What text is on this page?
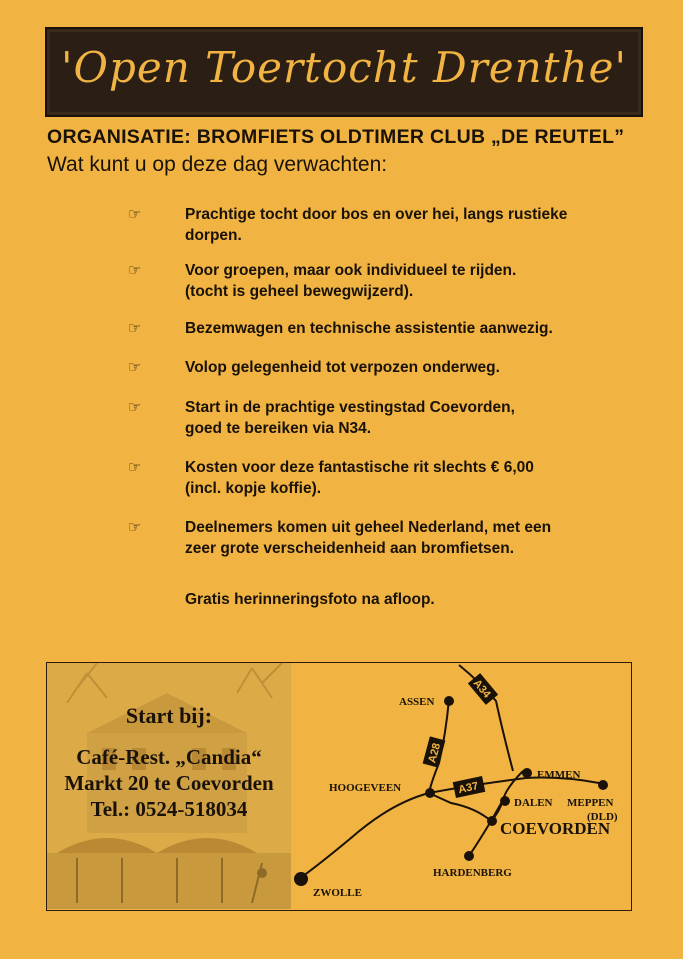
'Open Toertocht Drenthe'
ORGANISATIE: BROMFIETS OLDTIMER CLUB „DE REUTEL”
Wat kunt u op deze dag verwachten:
☞	Prachtige tocht door bos en over hei, langs rustieke
dorpen.
☞	Voor groepen, maar ook individueel te rijden.
(tocht is geheel bewegwijzerd).
☞	Bezemwagen en technische assistentie aanwezig.
☞	Volop gelegenheid tot verpozen onderweg.
☞	Start in de prachtige vestingstad Coevorden,
goed te bereiken via N34.
☞	Kosten voor deze fantastische rit slechts € 6,00
(incl. kopje koffie).
☞	Deelnemers komen uit geheel Nederland, met een
zeer grote verscheidenheid aan bromfietsen.
Gratis herinneringsfoto na afloop.
Start bij:
Café-Rest. „Candia“
Markt 20 te Coevorden
Tel.: 0524-518034
A34
A28
A37
ASSEN
EMMEN
HOOGEVEEN
DALEN MEPPEN
(DLD)
COEVORDEN
HARDENBERG
ZWOLLE
